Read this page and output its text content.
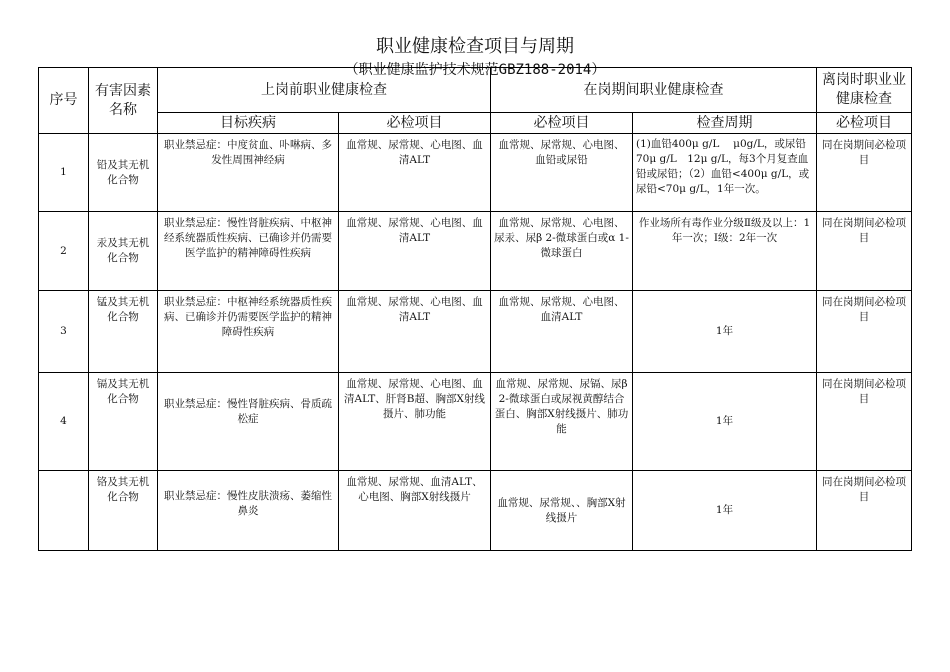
职业健康检查项目与周期
（职业健康监护技术规范GBZ188-2014）
序号	有害因素名称	上岗前职业健康检查		在岗期间职业健康检查		离岗时职业业健康检查
		目标疾病	必检项目	必检项目	检查周期	必检项目
1	铅及其无机化合物	职业禁忌症：中度贫血、卟啉病、多发性周围神经病	血常规、尿常规、心电图、血清ALT	血常规、尿常规、心电图、血铅或尿铅	(1)血铅400μ g/L　 μ0g/L，或尿铅70μ g/L　12μ g/L，每3个月复查血铅或尿铅；（2）血铅<400μ g/L，或尿铅<70μ g/L，1年一次。	同在岗期间必检项目
2	汞及其无机化合物	职业禁忌症：慢性肾脏疾病、中枢神经系统器质性疾病、已确诊并仍需要医学监护的精神障碍性疾病	血常规、尿常规、心电图、血清ALT	血常规、尿常规、心电图、尿汞、尿β 2-微球蛋白或α 1-微球蛋白	作业场所有毒作业分级Ⅱ级及以上：1年一次；Ⅰ级：2年一次	同在岗期间必检项目
3	锰及其无机化合物	职业禁忌症：中枢神经系统器质性疾病、已确诊并仍需要医学监护的精神障碍性疾病	血常规、尿常规、心电图、血清ALT	血常规、尿常规、心电图、血清ALT	1年	同在岗期间必检项目
4	镉及其无机化合物	职业禁忌症：慢性肾脏疾病、骨质疏松症	血常规、尿常规、心电图、血清ALT、肝肾B超、胸部X射线摄片、肺功能	血常规、尿常规、尿镉、尿β 2-微球蛋白或尿视黄醇结合蛋白、胸部X射线摄片、肺功能	1年	同在岗期间必检项目
	铬及其无机化合物	职业禁忌症：慢性皮肤溃疡、萎缩性鼻炎	血常规、尿常规、血清ALT、心电图、胸部X射线摄片	血常规、尿常规、、胸部X射线摄片	1年	同在岗期间必检项目
